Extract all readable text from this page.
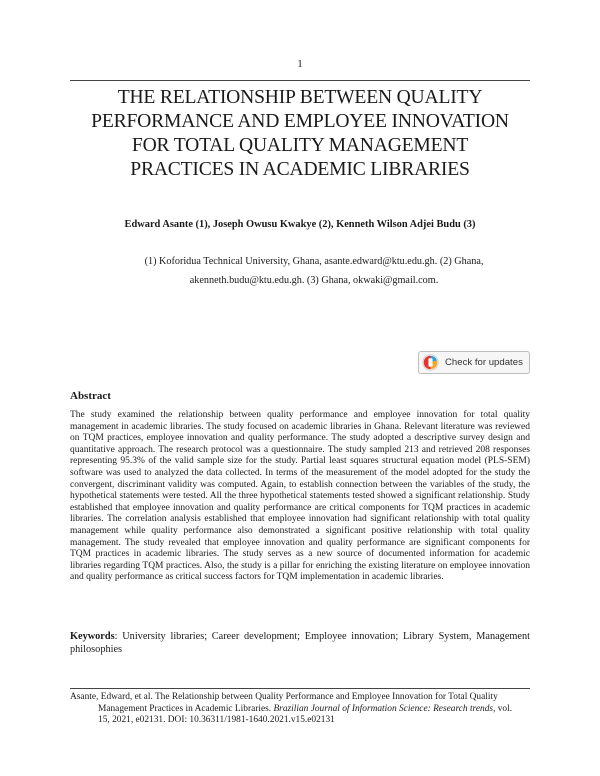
1
THE RELATIONSHIP BETWEEN QUALITY
PERFORMANCE AND EMPLOYEE INNOVATION
FOR TOTAL QUALITY MANAGEMENT
PRACTICES IN ACADEMIC LIBRARIES
Edward Asante (1), Joseph Owusu Kwakye (2), Kenneth Wilson Adjei Budu (3)
(1) Koforidua Technical University, Ghana, asante.edward@ktu.edu.gh. (2) Ghana,
akenneth.budu@ktu.edu.gh. (3) Ghana, okwaki@gmail.com.
Check for updates
Abstract

The study examined the relationship between quality performance and employee innovation for total quality management in academic libraries. The study focused on academic libraries in Ghana. Relevant literature was reviewed on TQM practices, employee innovation and quality performance. The study adopted a descriptive survey design and quantitative approach. The research protocol was a questionnaire. The study sampled 213 and retrieved 208 responses representing 95.3% of the valid sample size for the study. Partial least squares structural equation model (PLS-SEM) software was used to analyzed the data collected. In terms of the measurement of the model adopted for the study the convergent, discriminant validity was computed. Again, to establish connection between the variables of the study, the hypothetical statements were tested. All the three hypothetical statements tested showed a significant relationship. Study established that employee innovation and quality performance are critical components for TQM practices in academic libraries. The correlation analysis established that employee innovation had significant relationship with total quality management while quality performance also demonstrated a significant positive relationship with total quality management. The study revealed that employee innovation and quality performance are significant components for TQM practices in academic libraries. The study serves as a new source of documented information for academic libraries regarding TQM practices. Also, the study is a pillar for enriching the existing literature on employee innovation and quality performance as critical success factors for TQM implementation in academic libraries.

Keywords: University libraries; Career development; Employee innovation; Library System, Management philosophies

Asante, Edward, et al. The Relationship between Quality Performance and Employee Innovation for Total Quality
Management Practices in Academic Libraries. Brazilian Journal of Information Science: Research trends, vol.
15, 2021, e02131. DOI: 10.36311/1981-1640.2021.v15.e02131
